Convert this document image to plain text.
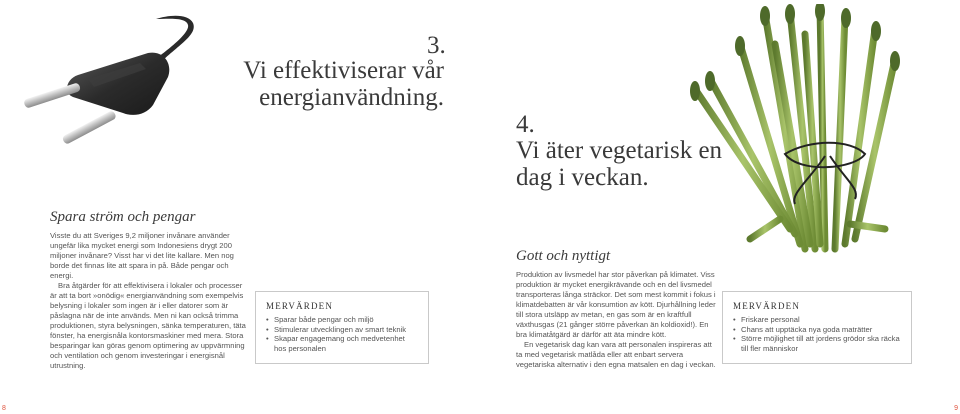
3.
Vi effektiviserar vår energianvändning.
Spara ström och pengar

Visste du att Sveriges 9,2 miljoner invånare använder ungefär lika mycket energi som Indonesiens drygt 200 miljoner invånare? Visst har vi det lite kallare. Men nog borde det finnas lite att spara in på. Både pengar och energi.

Bra åtgärder för att effektivisera i lokaler och processer är att ta bort »onödig« energianvändning som exempelvis belysning i lokaler som ingen är i eller datorer som är påslagna när de inte används. Men ni kan också trimma produktionen, styra belysningen, sänka temperaturen, täta fönster, ha energisnåla kontorsmaskiner med mera. Stora besparingar kan göras genom optimering av uppvärmning och ventilation och genom investeringar i energisnål utrustning.

MERVÄRDEN
• Sparar både pengar och miljö
• Stimulerar utvecklingen av smart teknik
• Skapar engagemang och medvetenhet hos personalen
4.
Vi äter vegetarisk en dag i veckan.
Gott och nyttigt

Produktion av livsmedel har stor påverkan på klimatet. Viss produktion är mycket energikrävande och en del livsmedel transporteras långa sträckor. Det som mest kommit i fokus i klimatdebatten är vår konsumtion av kött. Djurhållning leder till stora utsläpp av metan, en gas som är en kraftfull växthusgas (21 gånger större påverkan än koldioxid!). En bra klimatåtgärd är därför att äta mindre kött.

En vegetarisk dag kan vara att personalen inspireras att ta med vegetarisk matlåda eller att enbart servera vegetariska alternativ i den egna matsalen en dag i veckan.

MERVÄRDEN
• Friskare personal
• Chans att upptäcka nya goda maträtter
• Större möjlighet till att jordens grödor ska räcka till fler människor
8	9
